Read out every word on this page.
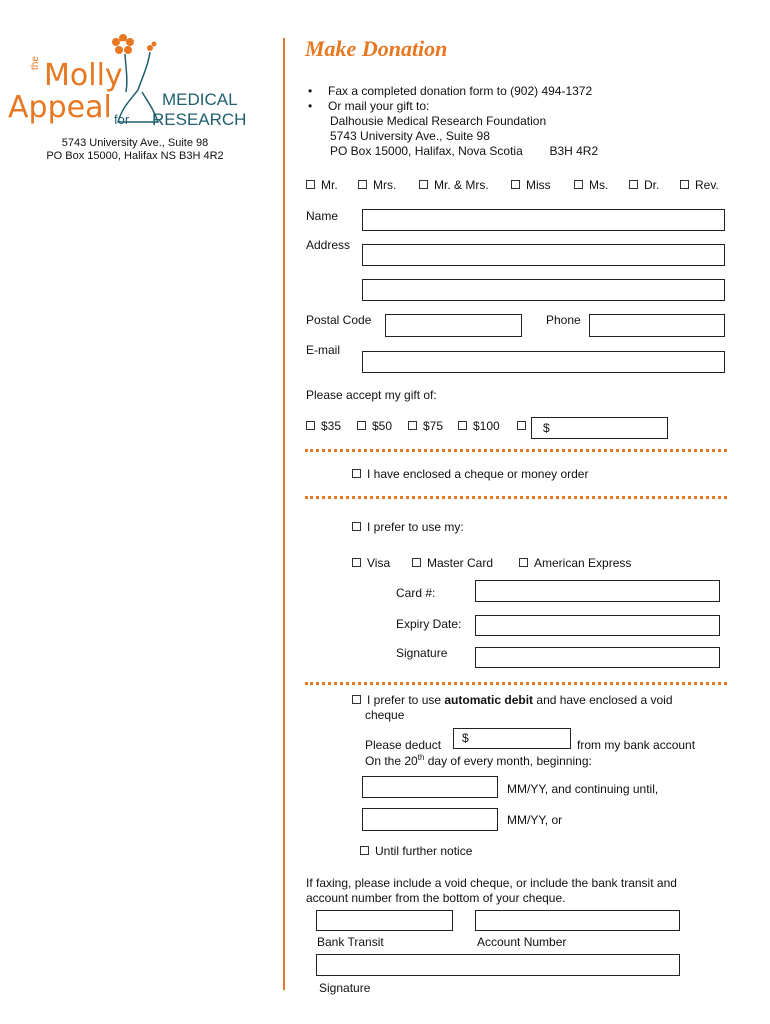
the Molly
Appeal for
MEDICAL
RESEARCH
5743 University Ave., Suite 98
PO Box 15000, Halifax NS B3H 4R2
Make Donation
• Fax a completed donation form to (902) 494-1372
• Or mail your gift to:
Dalhousie Medical Research Foundation
5743 University Ave., Suite 98
PO Box 15000, Halifax, Nova Scotia        B3H 4R2
Mr.	Mrs.	Mr. & Mrs.	Miss	Ms.	Dr.	Rev.
Name
Address
Postal Code	Phone
E-mail
Please accept my gift of:
$35	$50	$75	$100	$
I have enclosed a cheque or money order
I prefer to use my:
Visa	Master Card	American Express
Card #:
Expiry Date:
Signature
I prefer to use automatic debit and have enclosed a void
cheque
Please deduct $	from my bank account
On the 20th day of every month, beginning:
MM/YY, and continuing until,
MM/YY, or
Until further notice
If faxing, please include a void cheque, or include the bank transit and
account number from the bottom of your cheque.
Bank Transit	Account Number
Signature
